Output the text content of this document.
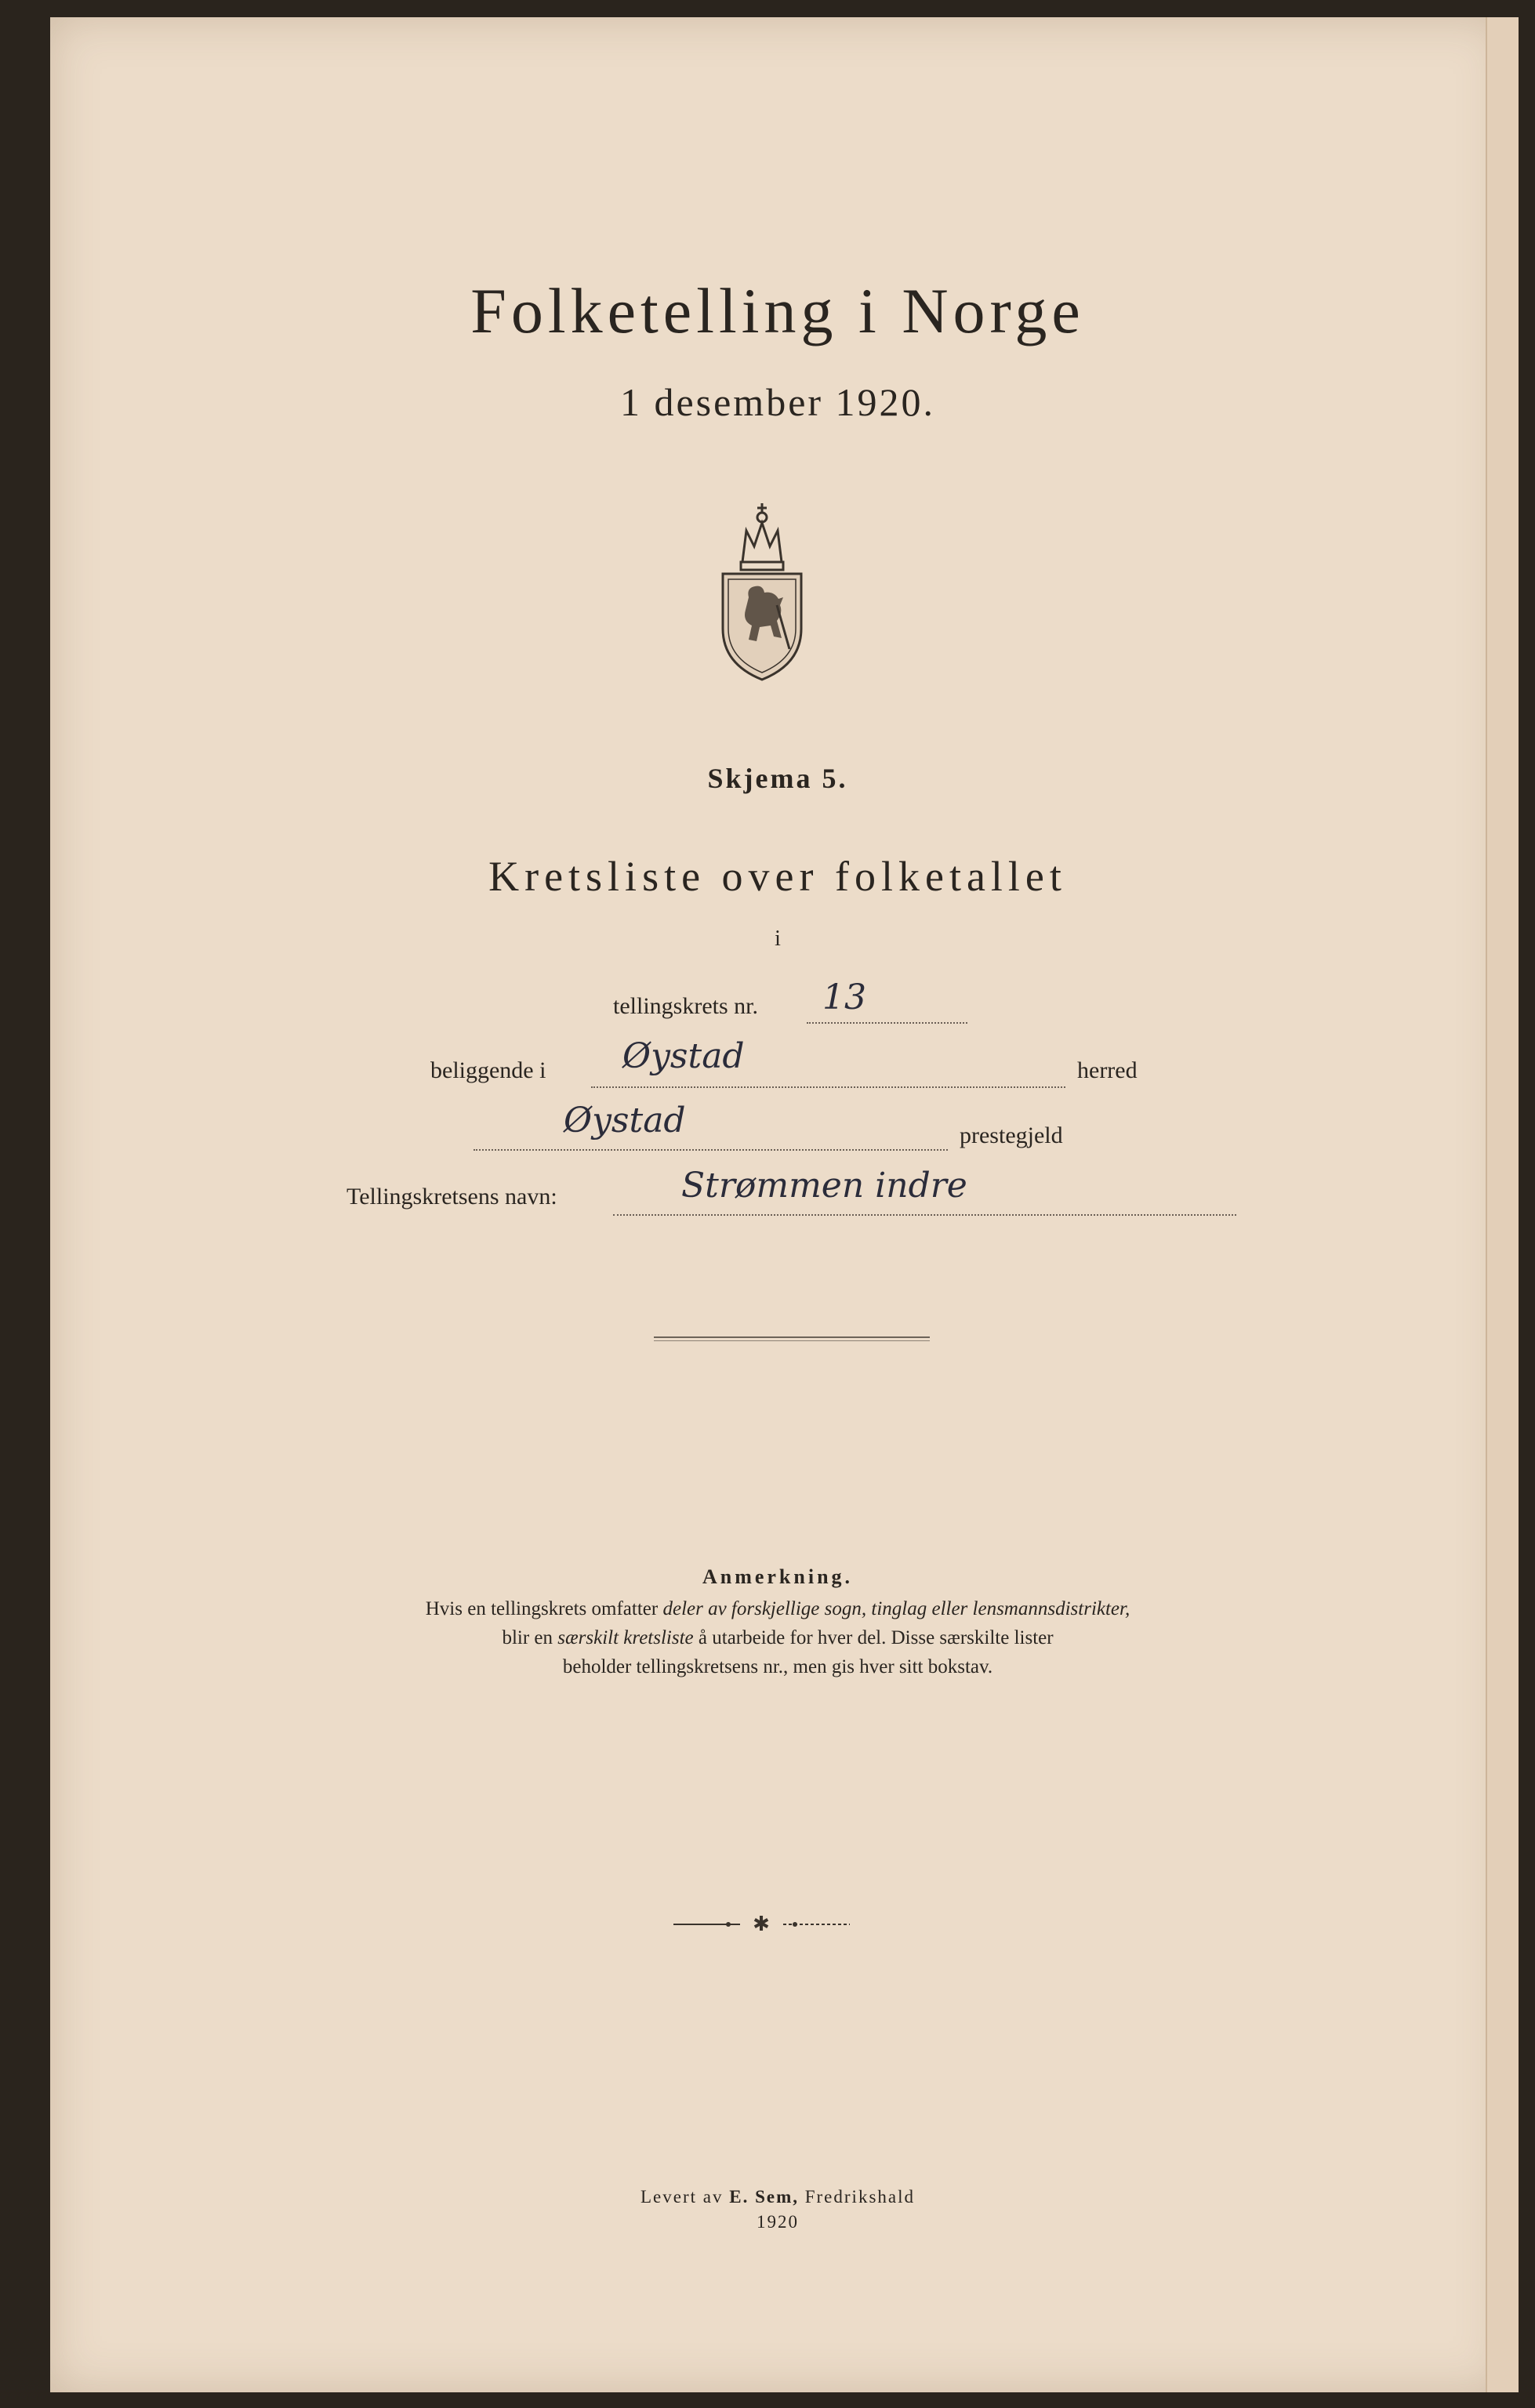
Folketelling i Norge
1 desember 1920.
Skjema 5.
Kretsliste over folketallet
i
tellingskrets nr. 13
beliggende i Øystad	herred
Øystad	prestegjeld
Tellingskretsens navn:	Strømmen indre
Anmerkning.
Hvis en tellingskrets omfatter deler av forskjellige sogn, tinglag eller lensmannsdistrikter,
blir en særskilt kretsliste å utarbeide for hver del. Disse særskilte lister
beholder tellingskretsens nr., men gis hver sitt bokstav.
✱
Levert av E. Sem, Fredrikshald
1920
